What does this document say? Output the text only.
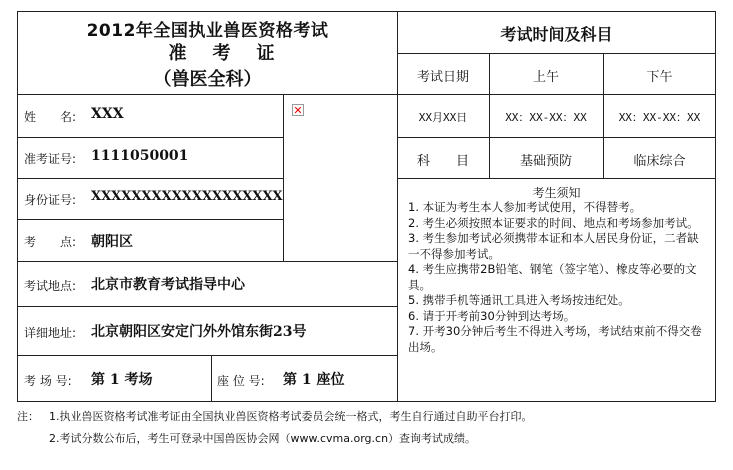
2012年全国执业兽医资格考试
准考证
（兽医全科）
✕
姓　　名: XXX
准考证号: 1111050001
身份证号: XXXXXXXXXXXXXXXXXXX
考　　点: 朝阳区
考试地点: 北京市教育考试指导中心
详细地址: 北京朝阳区安定门外外馆东街23号
考 场 号: 第 1 考场	座 位 号: 第 1 座位
考试时间及科目
考试日期	上午	下午
XX月XX日	XX：XX-XX：XX	XX：XX-XX：XX
科　　目	基础预防	临床综合
考生须知
1. 本证为考生本人参加考试使用，不得替考。
2. 考生必须按照本证要求的时间、地点和考场参加考试。
3. 考生参加考试必须携带本证和本人居民身份证，二者缺一不得参加考试。
4. 考生应携带2B铅笔、钢笔（签字笔）、橡皮等必要的文具。
5. 携带手机等通讯工具进入考场按违纪处。
6. 请于开考前30分钟到达考场。
7. 开考30分钟后考生不得进入考场，考试结束前不得交卷出场。
注： 1.执业兽医资格考试准考证由全国执业兽医资格考试委员会统一格式，考生自行通过自助平台打印。
2.考试分数公布后，考生可登录中国兽医协会网（www.cvma.org.cn）查询考试成绩。
